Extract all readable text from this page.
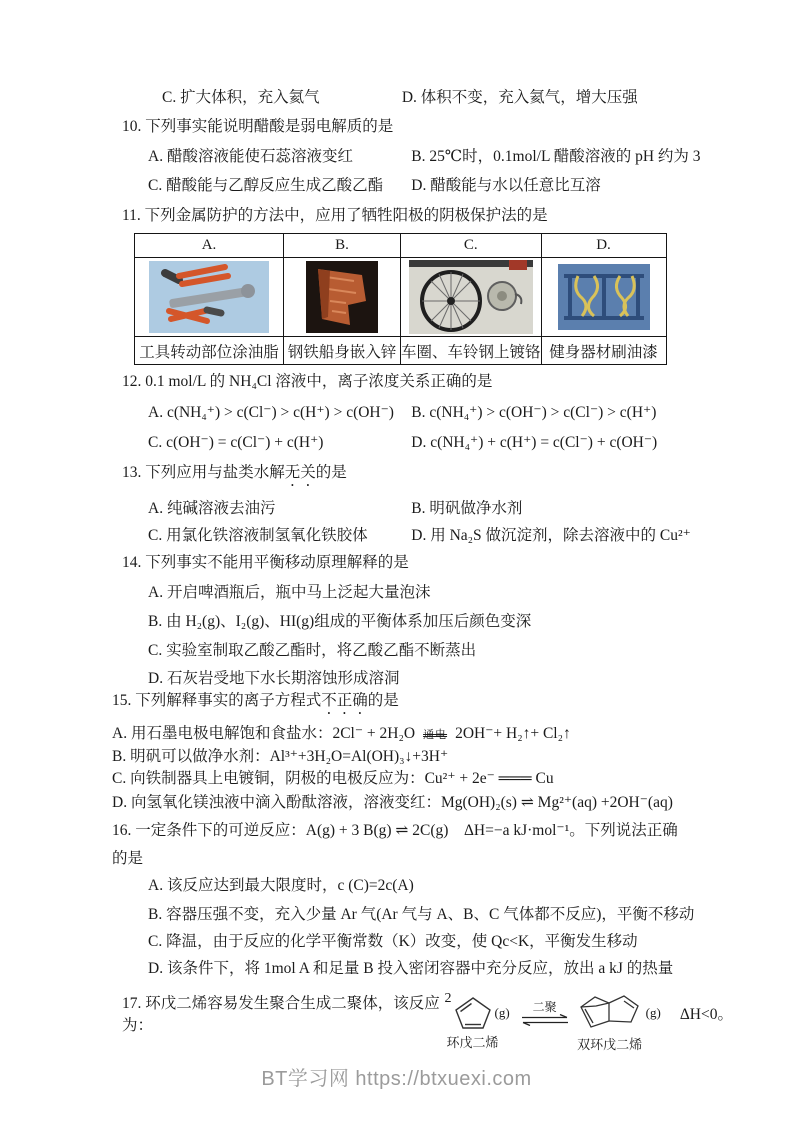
C. 扩大体积，充入氦气	D. 体积不变，充入氦气，增大压强
10. 下列事实能说明醋酸是弱电解质的是
A. 醋酸溶液能使石蕊溶液变红	B. 25℃时，0.1mol/L 醋酸溶液的 pH 约为 3
C. 醋酸能与乙醇反应生成乙酸乙酯	D. 醋酸能与水以任意比互溶
11. 下列金属防护的方法中，应用了牺牲阳极的阴极保护法的是
A.	B.	C.	D.

工具转动部位涂油脂	钢铁船身嵌入锌	车圈、车铃钢上镀铬	健身器材刷油漆
12. 0.1 mol/L 的 NH₄Cl 溶液中，离子浓度关系正确的是
A. c(NH₄⁺) > c(Cl⁻) > c(H⁺) > c(OH⁻)	B. c(NH₄⁺) > c(OH⁻) > c(Cl⁻) > c(H⁺)
C. c(OH⁻) = c(Cl⁻) + c(H⁺)	D. c(NH₄⁺) + c(H⁺) = c(Cl⁻) + c(OH⁻)
13. 下列应用与盐类水解无关的是
A. 纯碱溶液去油污	B. 明矾做净水剂
C. 用氯化铁溶液制氢氧化铁胶体	D. 用 Na₂S 做沉淀剂，除去溶液中的 Cu²⁺
14. 下列事实不能用平衡移动原理解释的是
A. 开启啤酒瓶后，瓶中马上泛起大量泡沫
B. 由 H₂(g)、I₂(g)、HI(g)组成的平衡体系加压后颜色变深
C. 实验室制取乙酸乙酯时，将乙酸乙酯不断蒸出
D. 石灰岩受地下水长期溶蚀形成溶洞
15. 下列解释事实的离子方程式不正确的是
A. 用石墨电极电解饱和食盐水：2Cl⁻ + 2H₂O 通电 2OH⁻+ H₂↑+ Cl₂↑
B. 明矾可以做净水剂：Al³⁺+3H₂O=Al(OH)₃↓+3H⁺
C. 向铁制器具上电镀铜，阴极的电极反应为：Cu²⁺ + 2e⁻ ═══ Cu
D. 向氢氧化镁浊液中滴入酚酞溶液，溶液变红：Mg(OH)₂(s) ⇌ Mg²⁺(aq) +2OH⁻(aq)
16. 一定条件下的可逆反应：A(g) + 3 B(g) ⇌ 2C(g)　ΔH=−a kJ·mol⁻¹。下列说法正确
的是
A. 该反应达到最大限度时，c (C)=2c(A)
B. 容器压强不变，充入少量 Ar 气(Ar 气与 A、B、C 气体都不反应)，平衡不移动
C. 降温，由于反应的化学平衡常数（K）改变，使 Qc<K，平衡发生移动
D. 该条件下，将 1mol A 和足量 B 投入密闭容器中充分反应，放出 a kJ 的热量
17. 环戊二烯容易发生聚合生成二聚体，该反应为：
2
环戊二烯
(g) 二聚
双环戊二烯
(g) ΔH<0。
BT学习网 https://btxuexi.com
